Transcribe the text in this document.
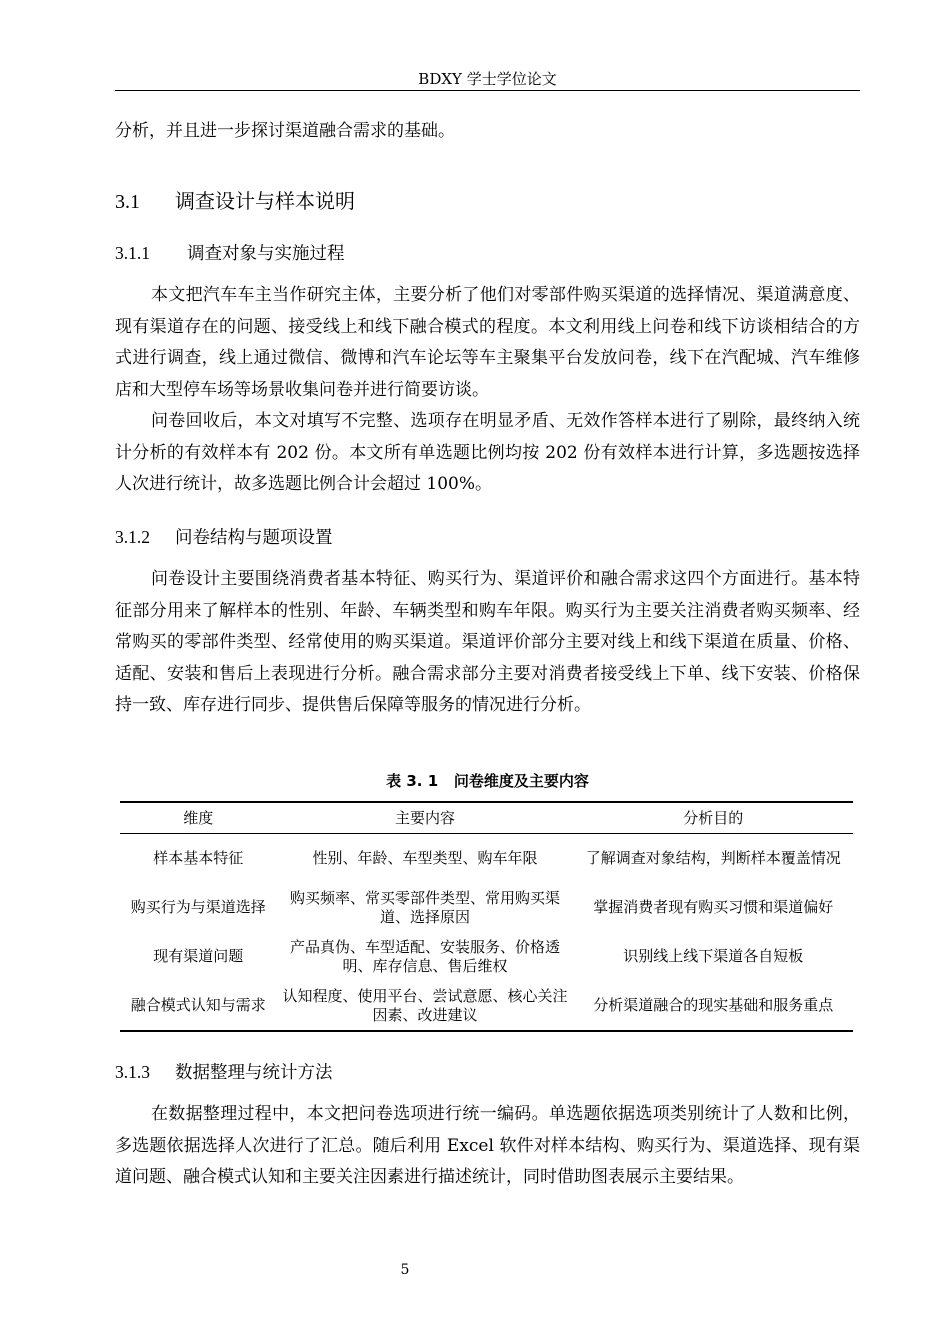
BDXY 学士学位论文

分析，并且进一步探讨渠道融合需求的基础。

3.1 调查设计与样本说明
3.1.1 调查对象与实施过程

本文把汽车车主当作研究主体，主要分析了他们对零部件购买渠道的选择情况、渠道满意度、现有渠道存在的问题、接受线上和线下融合模式的程度。本文利用线上问卷和线下访谈相结合的方式进行调查，线上通过微信、微博和汽车论坛等车主聚集平台发放问卷，线下在汽配城、汽车维修店和大型停车场等场景收集问卷并进行简要访谈。

问卷回收后，本文对填写不完整、选项存在明显矛盾、无效作答样本进行了剔除，最终纳入统计分析的有效样本有 202 份。本文所有单选题比例均按 202 份有效样本进行计算，多选题按选择人次进行统计，故多选题比例合计会超过 100%。

3.1.2 问卷结构与题项设置

问卷设计主要围绕消费者基本特征、购买行为、渠道评价和融合需求这四个方面进行。基本特征部分用来了解样本的性别、年龄、车辆类型和购车年限。购买行为主要关注消费者购买频率、经常购买的零部件类型、经常使用的购买渠道。渠道评价部分主要对线上和线下渠道在质量、价格、适配、安装和售后上表现进行分析。融合需求部分主要对消费者接受线上下单、线下安装、价格保持一致、库存进行同步、提供售后保障等服务的情况进行分析。

表 3. 1 问卷维度及主要内容
维度	主要内容	分析目的
样本基本特征	性别、年龄、车型类型、购车年限	了解调查对象结构，判断样本覆盖情况
购买行为与渠道选择	购买频率、常买零部件类型、常用购买渠道、选择原因	掌握消费者现有购买习惯和渠道偏好
现有渠道问题	产品真伪、车型适配、安装服务、价格透明、库存信息、售后维权	识别线上线下渠道各自短板
融合模式认知与需求	认知程度、使用平台、尝试意愿、核心关注因素、改进建议	分析渠道融合的现实基础和服务重点
3.1.3 数据整理与统计方法

在数据整理过程中，本文把问卷选项进行统一编码。单选题依据选项类别统计了人数和比例，多选题依据选择人次进行了汇总。随后利用 Excel 软件对样本结构、购买行为、渠道选择、现有渠道问题、融合模式认知和主要关注因素进行描述统计，同时借助图表展示主要结果。

5
